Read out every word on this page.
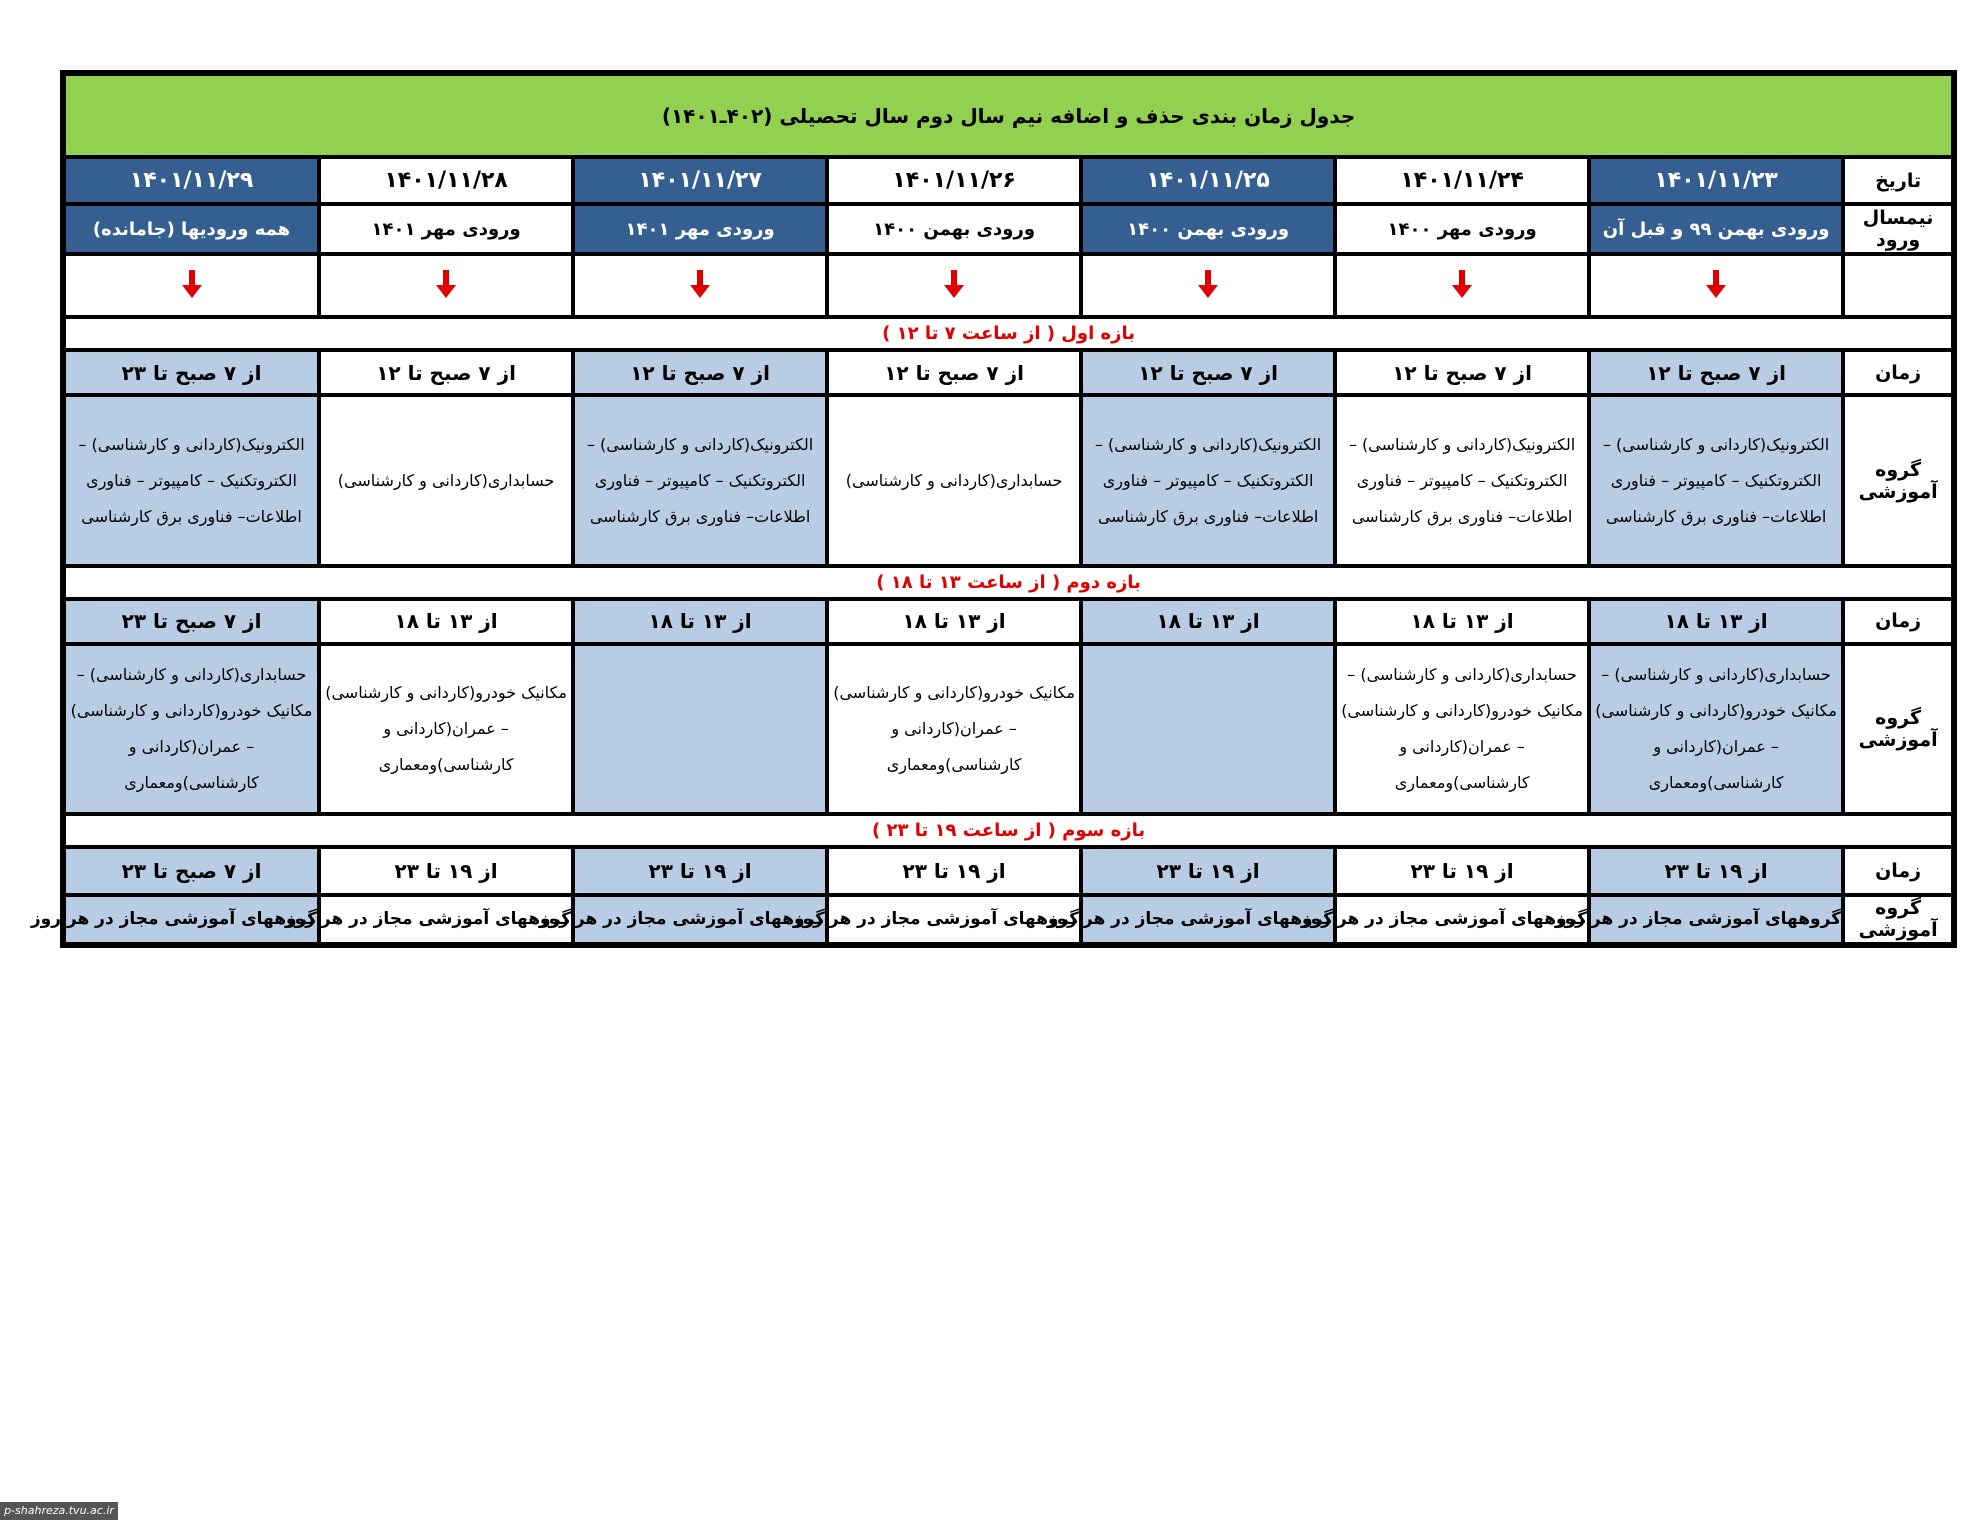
جدول زمان بندی حذف و اضافه نیم سال دوم سال تحصیلی (۴۰۲ـ۱۴۰۱)							
تاریخ	۱۴۰۱/۱۱/۲۳	۱۴۰۱/۱۱/۲۴	۱۴۰۱/۱۱/۲۵	۱۴۰۱/۱۱/۲۶	۱۴۰۱/۱۱/۲۷	۱۴۰۱/۱۱/۲۸	۱۴۰۱/۱۱/۲۹
نیمسال ورود	ورودی بهمن ۹۹ و قبل آن	ورودی مهر ۱۴۰۰	ورودی بهمن ۱۴۰۰	ورودی بهمن ۱۴۰۰	ورودی مهر ۱۴۰۱	ورودی مهر ۱۴۰۱	همه ورودیها (جامانده)

بازه اول ( از ساعت ۷ تا ۱۲ )							
زمان	از ۷ صبح تا ۱۲	از ۷ صبح تا ۱۲	از ۷ صبح تا ۱۲	از ۷ صبح تا ۱۲	از ۷ صبح تا ۱۲	از ۷ صبح تا ۱۲	از ۷ صبح تا ۲۳
گروه آموزشی	الکترونیک(کاردانی و کارشناسی) – الکتروتکنیک – کامپیوتر – فناوری اطلاعات– فناوری برق کارشناسی	الکترونیک(کاردانی و کارشناسی) – الکتروتکنیک – کامپیوتر – فناوری اطلاعات– فناوری برق کارشناسی	الکترونیک(کاردانی و کارشناسی) – الکتروتکنیک – کامپیوتر – فناوری اطلاعات– فناوری برق کارشناسی	حسابداری(کاردانی و کارشناسی)	الکترونیک(کاردانی و کارشناسی) – الکتروتکنیک – کامپیوتر – فناوری اطلاعات– فناوری برق کارشناسی	حسابداری(کاردانی و کارشناسی)	الکترونیک(کاردانی و کارشناسی) – الکتروتکنیک – کامپیوتر – فناوری اطلاعات– فناوری برق کارشناسی
بازه دوم ( از ساعت ۱۳ تا ۱۸ )							
زمان	از ۱۳ تا ۱۸	از ۱۳ تا ۱۸	از ۱۳ تا ۱۸	از ۱۳ تا ۱۸	از ۱۳ تا ۱۸	از ۱۳ تا ۱۸	از ۷ صبح تا ۲۳
گروه آموزشی	حسابداری(کاردانی و کارشناسی) – مکانیک خودرو(کاردانی و کارشناسی) – عمران(کاردانی و کارشناسی)ومعماری	حسابداری(کاردانی و کارشناسی) – مکانیک خودرو(کاردانی و کارشناسی) – عمران(کاردانی و کارشناسی)ومعماری		مکانیک خودرو(کاردانی و کارشناسی) – عمران(کاردانی و کارشناسی)ومعماری		مکانیک خودرو(کاردانی و کارشناسی) – عمران(کاردانی و کارشناسی)ومعماری	حسابداری(کاردانی و کارشناسی) – مکانیک خودرو(کاردانی و کارشناسی) – عمران(کاردانی و کارشناسی)ومعماری
بازه سوم ( از ساعت ۱۹ تا ۲۳ )							
زمان	از ۱۹ تا ۲۳	از ۱۹ تا ۲۳	از ۱۹ تا ۲۳	از ۱۹ تا ۲۳	از ۱۹ تا ۲۳	از ۱۹ تا ۲۳	از ۷ صبح تا ۲۳
گروه آموزشی	گروههای آموزشی مجاز در هر روز	گروههای آموزشی مجاز در هر روز	گروههای آموزشی مجاز در هر روز	گروههای آموزشی مجاز در هر روز	گروههای آموزشی مجاز در هر روز	گروههای آموزشی مجاز در هر روز	گروههای آموزشی مجاز در هر روز
p-shahreza.tvu.ac.ir
